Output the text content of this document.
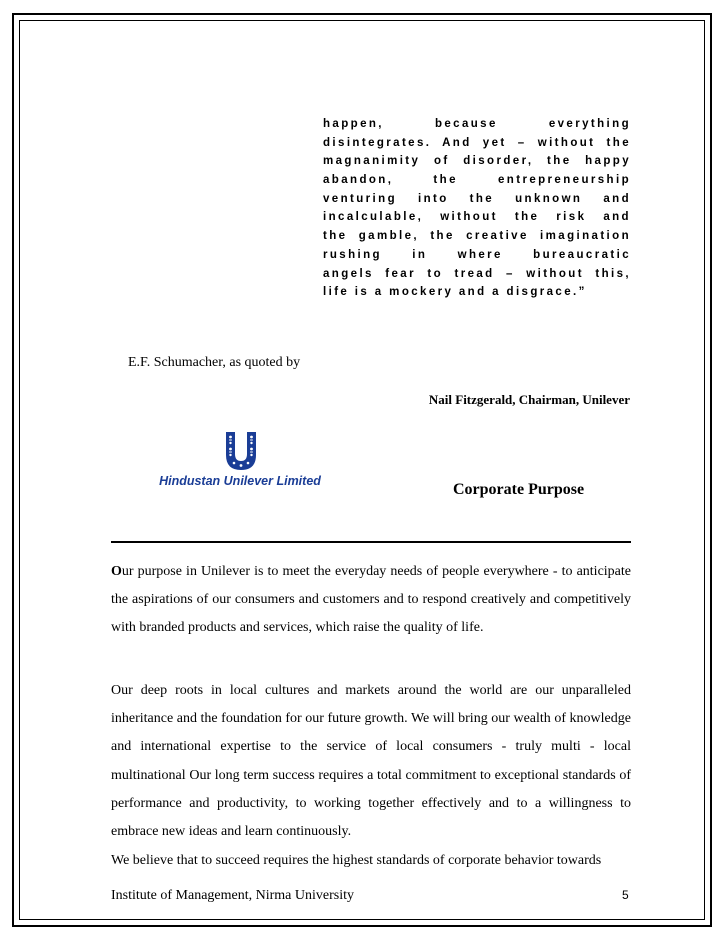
happen, because everything
disintegrates. And yet – without the
magnanimity of disorder, the happy
abandon, the entrepreneurship
venturing into the unknown and
incalculable, without the risk and
the gamble, the creative imagination
rushing in where bureaucratic
angels fear to tread – without this,
life is a mockery and a disgrace.”
E.F. Schumacher, as quoted by
Nail Fitzgerald, Chairman, Unilever
Hindustan Unilever Limited	Corporate Purpose
Our purpose in Unilever is to meet the everyday needs of people everywhere - to anticipate the aspirations of our consumers and customers and to respond creatively and competitively with branded products and services, which raise the quality of life.
Our deep roots in local cultures and markets around the world are our unparalleled inheritance and the foundation for our future growth. We will bring our wealth of knowledge and international expertise to the service of local consumers - truly multi - local multinational Our long term success requires a total commitment to exceptional standards of performance and productivity, to working together effectively and to a willingness to embrace new ideas and learn continuously.
We believe that to succeed requires the highest standards of corporate behavior towards
Institute of Management, Nirma University	5
